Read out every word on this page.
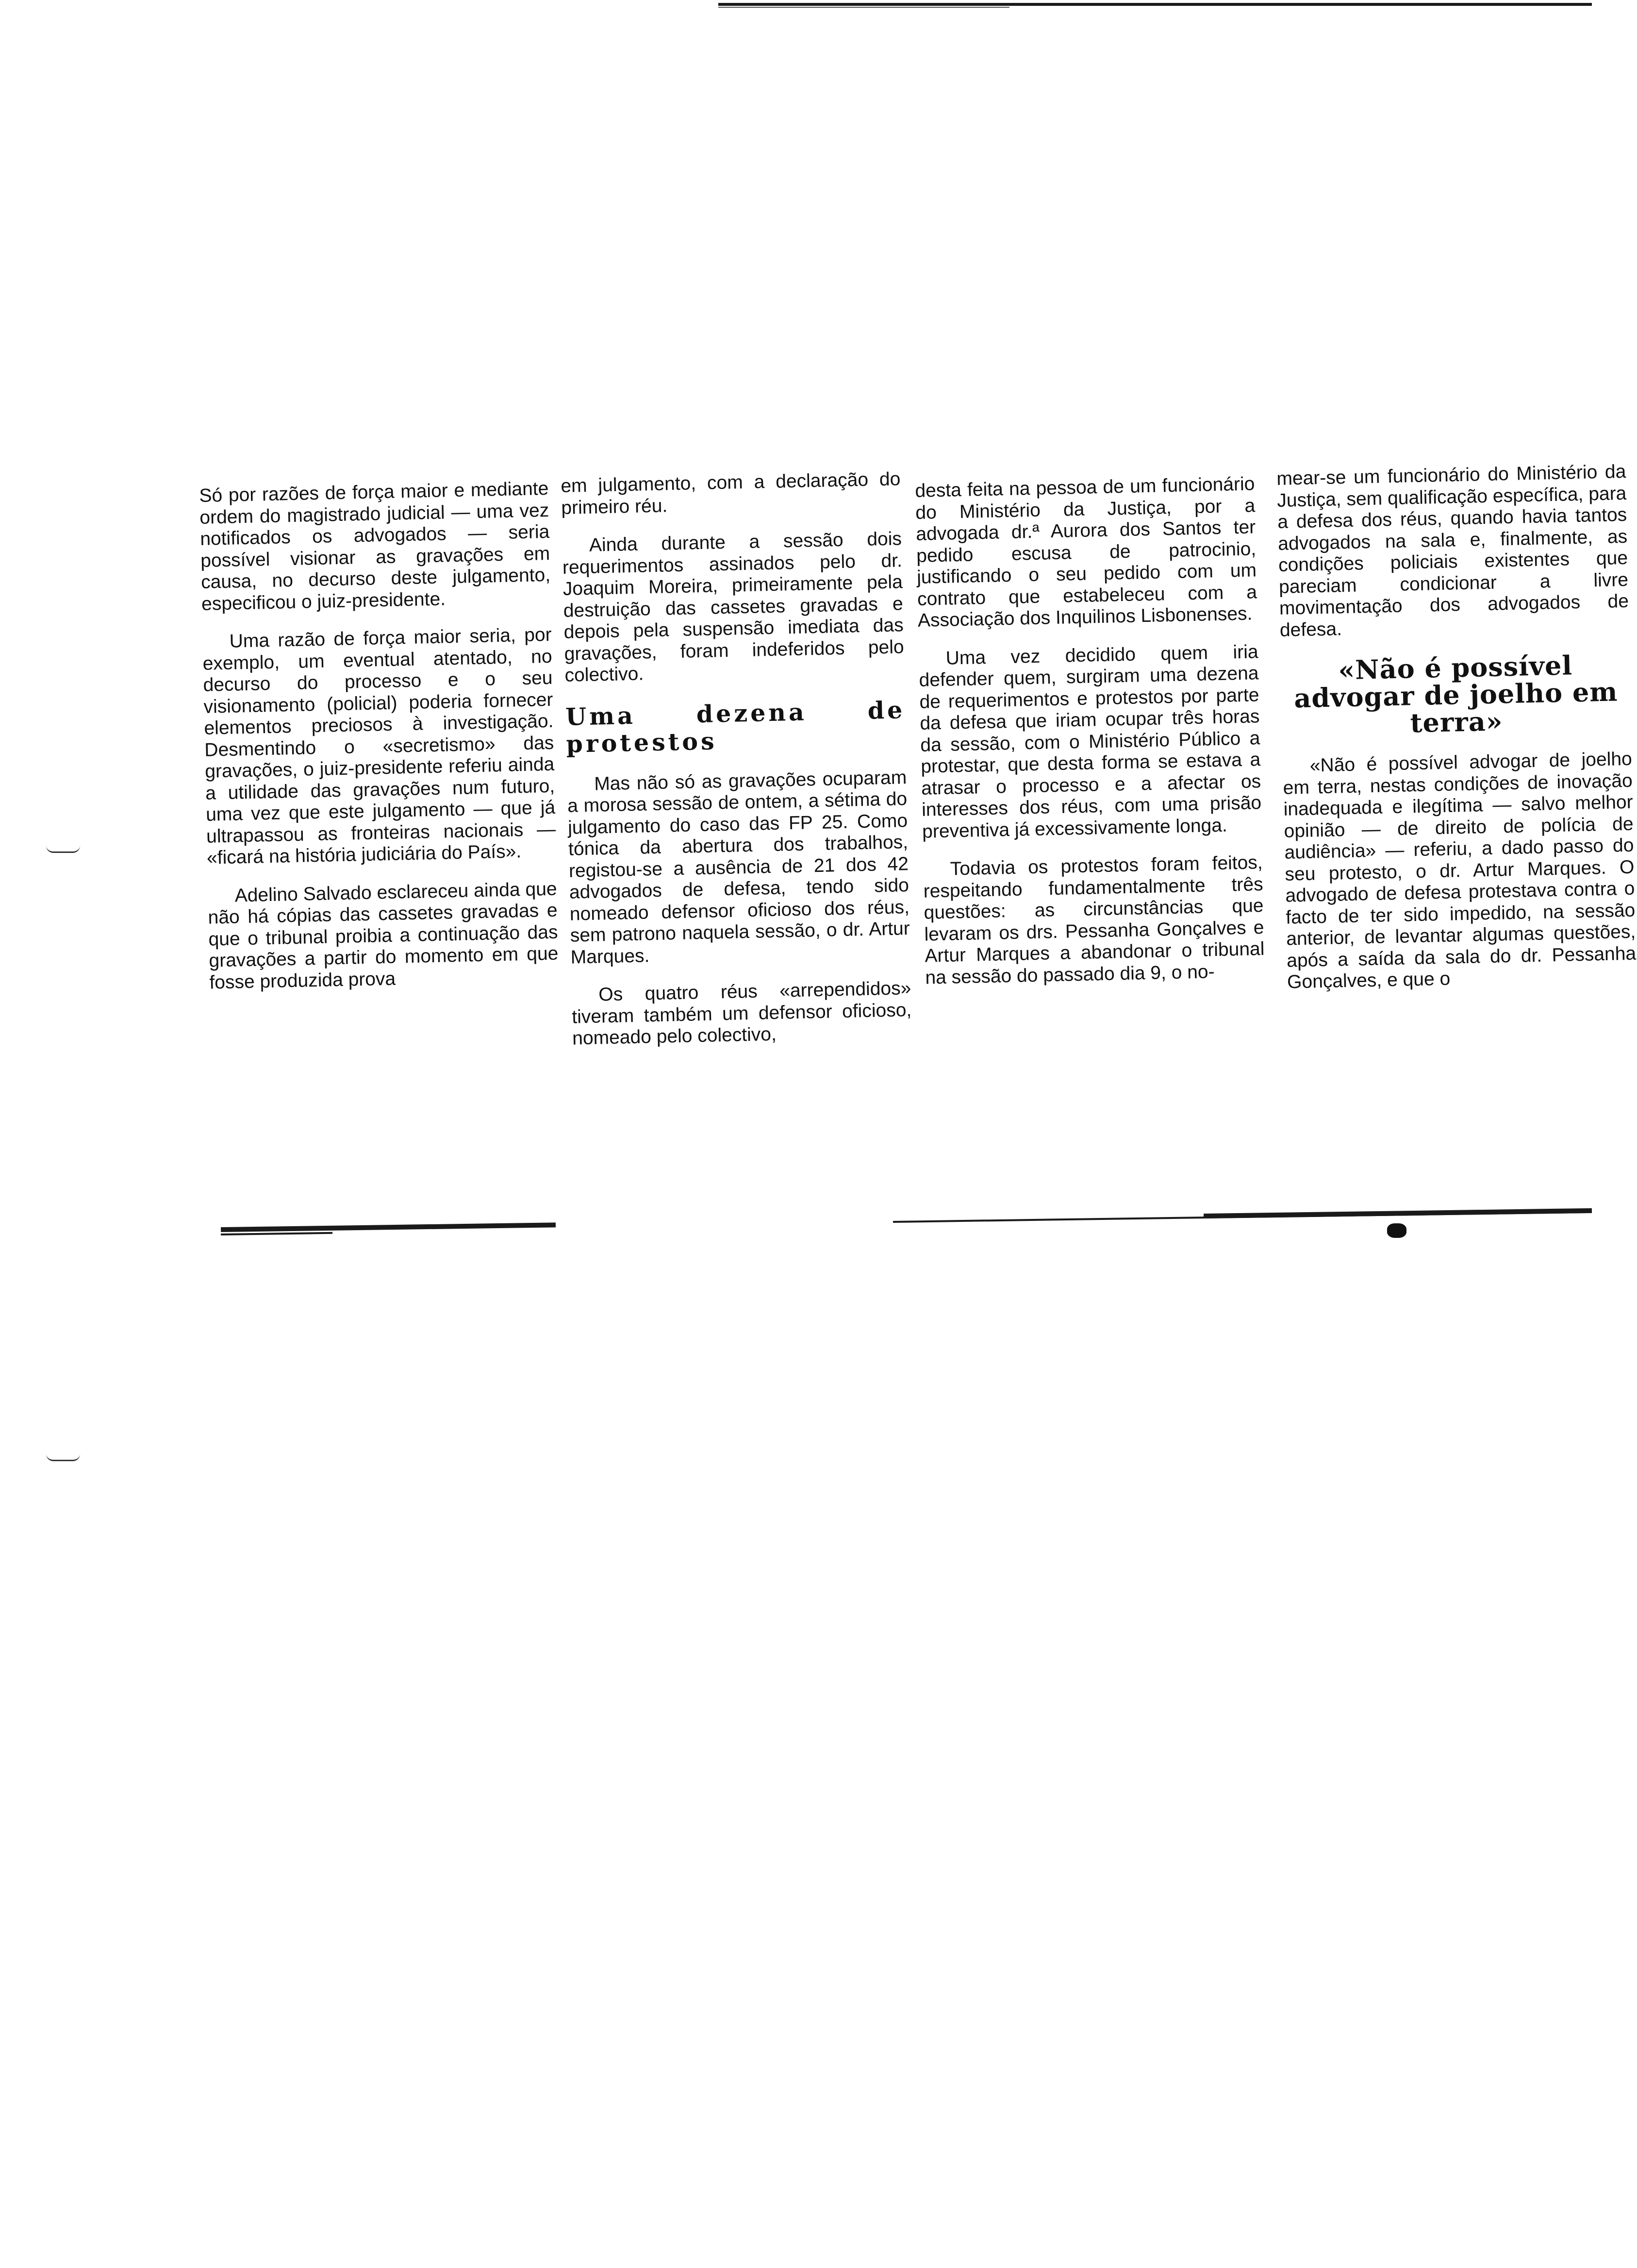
Só por razões de força maior e mediante ordem do magistrado judicial — uma vez notificados os advogados — seria possível visionar as gravações em causa, no decurso deste julgamento, especificou o juiz-presidente.

Uma razão de força maior seria, por exemplo, um eventual atentado, no decurso do processo e o seu visionamento (policial) poderia fornecer elementos preciosos à investigação. Desmentindo o «secretismo» das gravações, o juiz-presidente referiu ainda a utilidade das gravações num futuro, uma vez que este julgamento — que já ultrapassou as fronteiras nacionais — «ficará na história judiciária do País».

Adelino Salvado esclareceu ainda que não há cópias das cassetes gravadas e que o tribunal proibia a continuação das gravações a partir do momento em que fosse produzida prova

em julgamento, com a declaração do primeiro réu.

Ainda durante a sessão dois requerimentos assinados pelo dr. Joaquim Moreira, primeiramente pela destruição das cassetes gravadas e depois pela suspensão imediata das gravações, foram indeferidos pelo colectivo.

Uma dezena de protestos

Mas não só as gravações ocuparam a morosa sessão de ontem, a sétima do julgamento do caso das FP 25. Como tónica da abertura dos trabalhos, registou-se a ausência de 21 dos 42 advogados de defesa, tendo sido nomeado defensor oficioso dos réus, sem patrono naquela sessão, o dr. Artur Marques.

Os quatro réus «arrependidos» tiveram também um defensor oficioso, nomeado pelo colectivo,

desta feita na pessoa de um funcionário do Ministério da Justiça, por a advogada dr.ª Aurora dos Santos ter pedido escusa de patrocinio, justificando o seu pedido com um contrato que estabeleceu com a Associação dos Inquilinos Lisbonenses.

Uma vez decidido quem iria defender quem, surgiram uma dezena de requerimentos e protestos por parte da defesa que iriam ocupar três horas da sessão, com o Ministério Público a protestar, que desta forma se estava a atrasar o processo e a afectar os interesses dos réus, com uma prisão preventiva já excessivamente longa.

Todavia os protestos foram feitos, respeitando fundamentalmente três questões: as circunstâncias que levaram os drs. Pessanha Gonçalves e Artur Marques a abandonar o tribunal na sessão do passado dia 9, o no-

mear-se um funcionário do Ministério da Justiça, sem qualificação específica, para a defesa dos réus, quando havia tantos advogados na sala e, finalmente, as condições policiais existentes que pareciam condicionar a livre movimentação dos advogados de defesa.

«Não é possível advogar de joelho em terra»

«Não é possível advogar de joelho em terra, nestas condições de inovação inadequada e ilegítima — salvo melhor opinião — de direito de polícia de audiência» — referiu, a dado passo do seu protesto, o dr. Artur Marques. O advogado de defesa protestava contra o facto de ter sido impedido, na sessão anterior, de levantar algumas questões, após a saída da sala do dr. Pessanha Gonçalves, e que o
